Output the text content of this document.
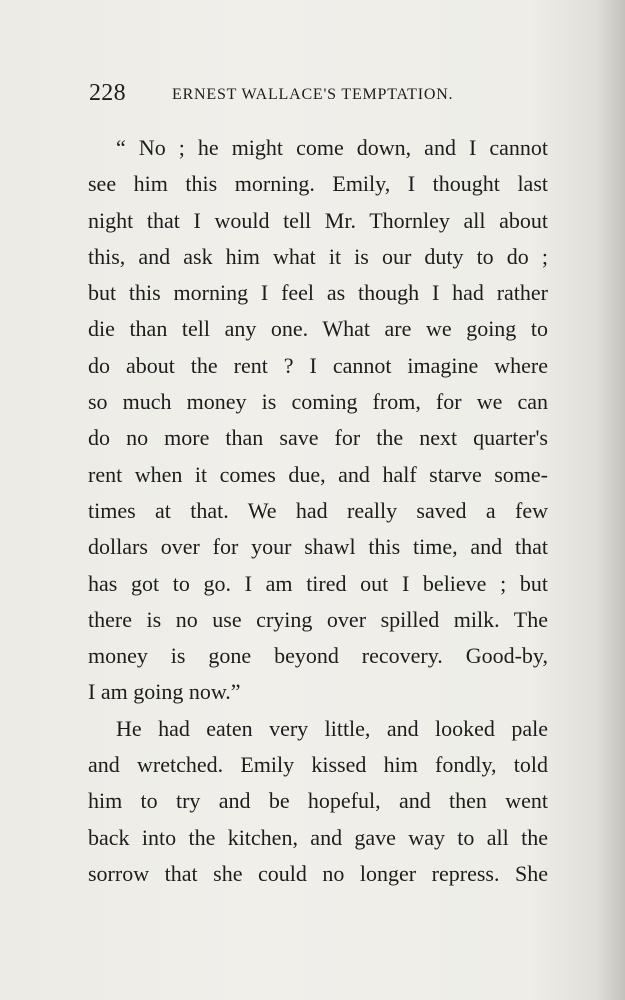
228	ERNEST WALLACE'S TEMPTATION.
“ No ; he might come down, and I cannot
see him this morning. Emily, I thought last
night that I would tell Mr. Thornley all about
this, and ask him what it is our duty to do ;
but this morning I feel as though I had rather
die than tell any one. What are we going to
do about the rent ? I cannot imagine where
so much money is coming from, for we can
do no more than save for the next quarter's
rent when it comes due, and half starve some-
times at that. We had really saved a few
dollars over for your shawl this time, and that
has got to go. I am tired out I believe ; but
there is no use crying over spilled milk. The
money is gone beyond recovery. Good-by,
I am going now.”
He had eaten very little, and looked pale
and wretched. Emily kissed him fondly, told
him to try and be hopeful, and then went
back into the kitchen, and gave way to all the
sorrow that she could no longer repress. She
